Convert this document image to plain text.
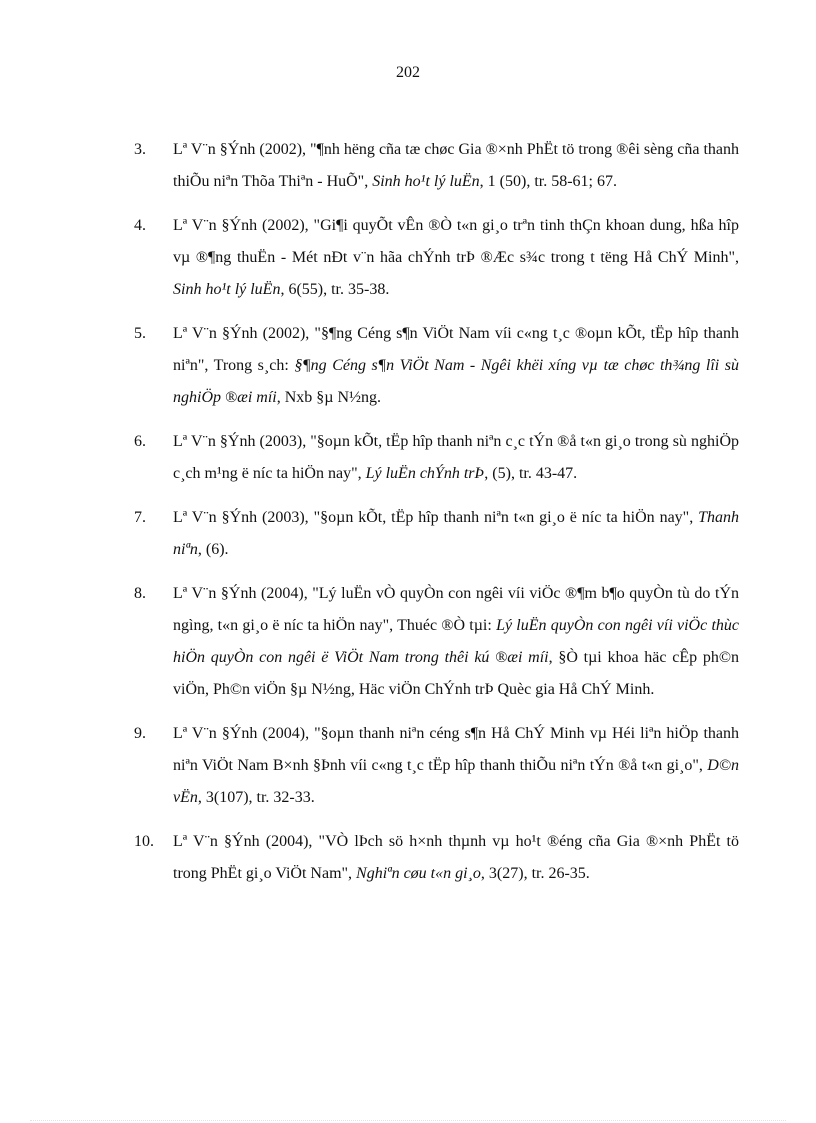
202
3. Lª V¨n §Ýnh (2002), "¶nh hëng cña tæ chøc Gia ®×nh PhËt tö trong ®êi sèng cña thanh thiÕu niªn Thõa Thiªn - HuÕ", Sinh ho¹t lý luËn, 1 (50), tr. 58-61; 67.
4. Lª V¨n §Ýnh (2002), "Gi¶i quyÕt vÊn ®Ò t«n gi¸o trªn tinh thÇn khoan dung, hßa hîp vµ ®¶ng thuËn - Mét nÐt v¨n hãa chÝnh trÞ ®Æc s¾c trong t tëng Hå ChÝ Minh", Sinh ho¹t lý luËn, 6(55), tr. 35-38.
5. Lª V¨n §Ýnh (2002), "§¶ng Céng s¶n ViÖt Nam víi c«ng t¸c ®oµn kÕt, tËp hîp thanh niªn", Trong s¸ch: §¶ng Céng s¶n ViÖt Nam - Ngêi khëi xíng vµ tæ chøc th¾ng lîi sù nghiÖp ®æi míi, Nxb §µ N½ng.
6. Lª V¨n §Ýnh (2003), "§oµn kÕt, tËp hîp thanh niªn c¸c tÝn ®å t«n gi¸o trong sù nghiÖp c¸ch m¹ng ë níc ta hiÖn nay", Lý luËn chÝnh trÞ, (5), tr. 43-47.
7. Lª V¨n §Ýnh (2003), "§oµn kÕt, tËp hîp thanh niªn t«n gi¸o ë níc ta hiÖn nay", Thanh niªn, (6).
8. Lª V¨n §Ýnh (2004), "Lý luËn vÒ quyÒn con ngêi víi viÖc ®¶m b¶o quyÒn tù do tÝn ngìng, t«n gi¸o ë níc ta hiÖn nay", Thuéc ®Ò tµi: Lý luËn quyÒn con ngêi víi viÖc thùc hiÖn quyÒn con ngêi ë ViÖt Nam trong thêi kú ®æi míi, §Ò tµi khoa häc cÊp ph©n viÖn, Ph©n viÖn §µ N½ng, Häc viÖn ChÝnh trÞ Quèc gia Hå ChÝ Minh.
9. Lª V¨n §Ýnh (2004), "§oµn thanh niªn céng s¶n Hå ChÝ Minh vµ Héi liªn hiÖp thanh niªn ViÖt Nam B×nh §Þnh víi c«ng t¸c tËp hîp thanh thiÕu niªn tÝn ®å t«n gi¸o", D©n vËn, 3(107), tr. 32-33.
10. Lª V¨n §Ýnh (2004), "VÒ lÞch sö h×nh thµnh vµ ho¹t ®éng cña Gia ®×nh PhËt tö trong PhËt gi¸o ViÖt Nam", Nghiªn cøu t«n gi¸o, 3(27), tr. 26-35.
